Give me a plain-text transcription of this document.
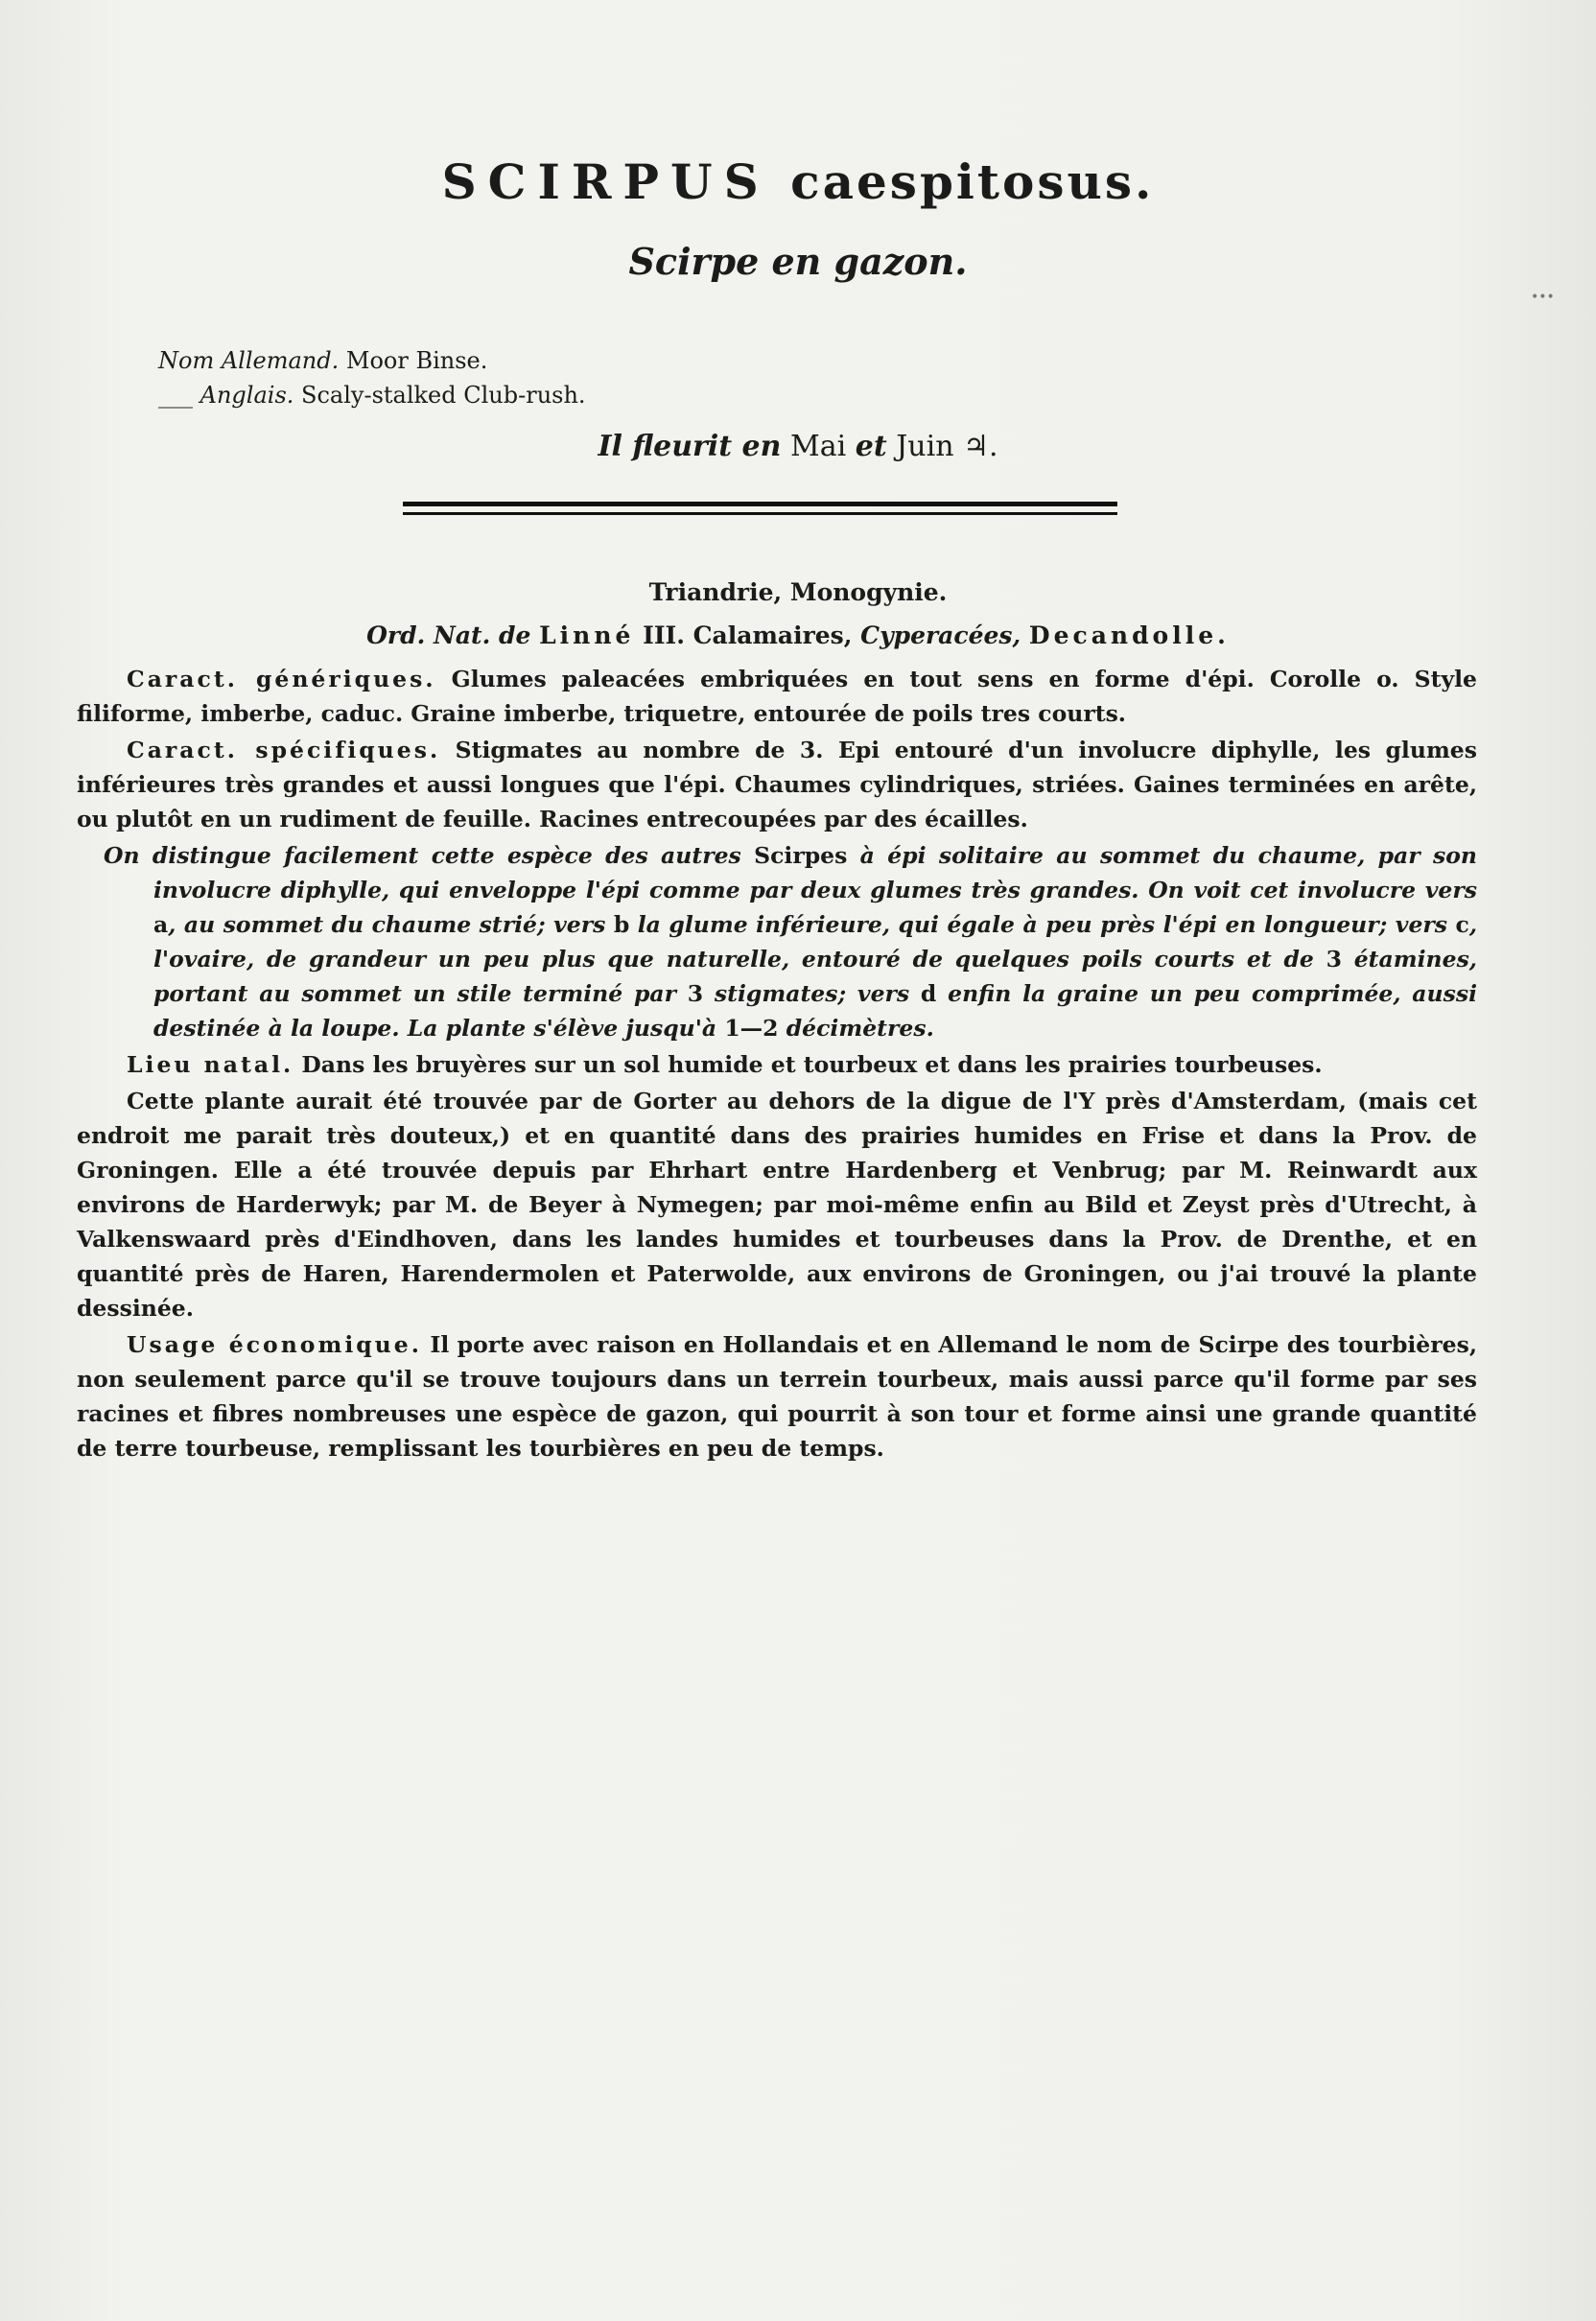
SCIRPUS caespitosus.
Scirpe en gazon.
Nom Allemand. Moor Binse.
___ Anglais. Scaly-stalked Club-rush.
Il fleurit en Mai et Juin ♃.
Triandrie, Monogynie.
Ord. Nat. de Linné III. Calamaires, Cyperacées, Decandolle.

Caract. génériques. Glumes paleacées embriquées en tout sens en forme d'épi. Corolle o. Style filiforme, imberbe, caduc. Graine imberbe, triquetre, entourée de poils tres courts.

Caract. spécifiques. Stigmates au nombre de 3. Epi entouré d'un involucre diphylle, les glumes inférieures très grandes et aussi longues que l'épi. Chaumes cylindriques, striées. Gaines terminées en arête, ou plutôt en un rudiment de feuille. Racines entrecoupées par des écailles.

On distingue facilement cette espèce des autres Scirpes à épi solitaire au sommet du chaume, par son involucre diphylle, qui enveloppe l'épi comme par deux glumes très grandes. On voit cet involucre vers a, au sommet du chaume strié; vers b la glume inférieure, qui égale à peu près l'épi en longueur; vers c, l'ovaire, de grandeur un peu plus que naturelle, entouré de quelques poils courts et de 3 étamines, portant au sommet un stile terminé par 3 stigmates; vers d enfin la graine un peu comprimée, aussi destinée à la loupe. La plante s'élève jusqu'à 1—2 décimètres.

Lieu natal. Dans les bruyères sur un sol humide et tourbeux et dans les prairies tourbeuses.

Cette plante aurait été trouvée par de Gorter au dehors de la digue de l'Y près d'Amsterdam, (mais cet endroit me parait très douteux,) et en quantité dans des prairies humides en Frise et dans la Prov. de Groningen. Elle a été trouvée depuis par Ehrhart entre Hardenberg et Venbrug; par M. Reinwardt aux environs de Harderwyk; par M. de Beyer à Nymegen; par moi-même enfin au Bild et Zeyst près d'Utrecht, à Valkenswaard près d'Eindhoven, dans les landes humides et tourbeuses dans la Prov. de Drenthe, et en quantité près de Haren, Harendermolen et Paterwolde, aux environs de Groningen, ou j'ai trouvé la plante dessinée.

Usage économique. Il porte avec raison en Hollandais et en Allemand le nom de Scirpe des tourbières, non seulement parce qu'il se trouve toujours dans un terrein tourbeux, mais aussi parce qu'il forme par ses racines et fibres nombreuses une espèce de gazon, qui pourrit à son tour et forme ainsi une grande quantité de terre tourbeuse, remplissant les tourbières en peu de temps.

•••
